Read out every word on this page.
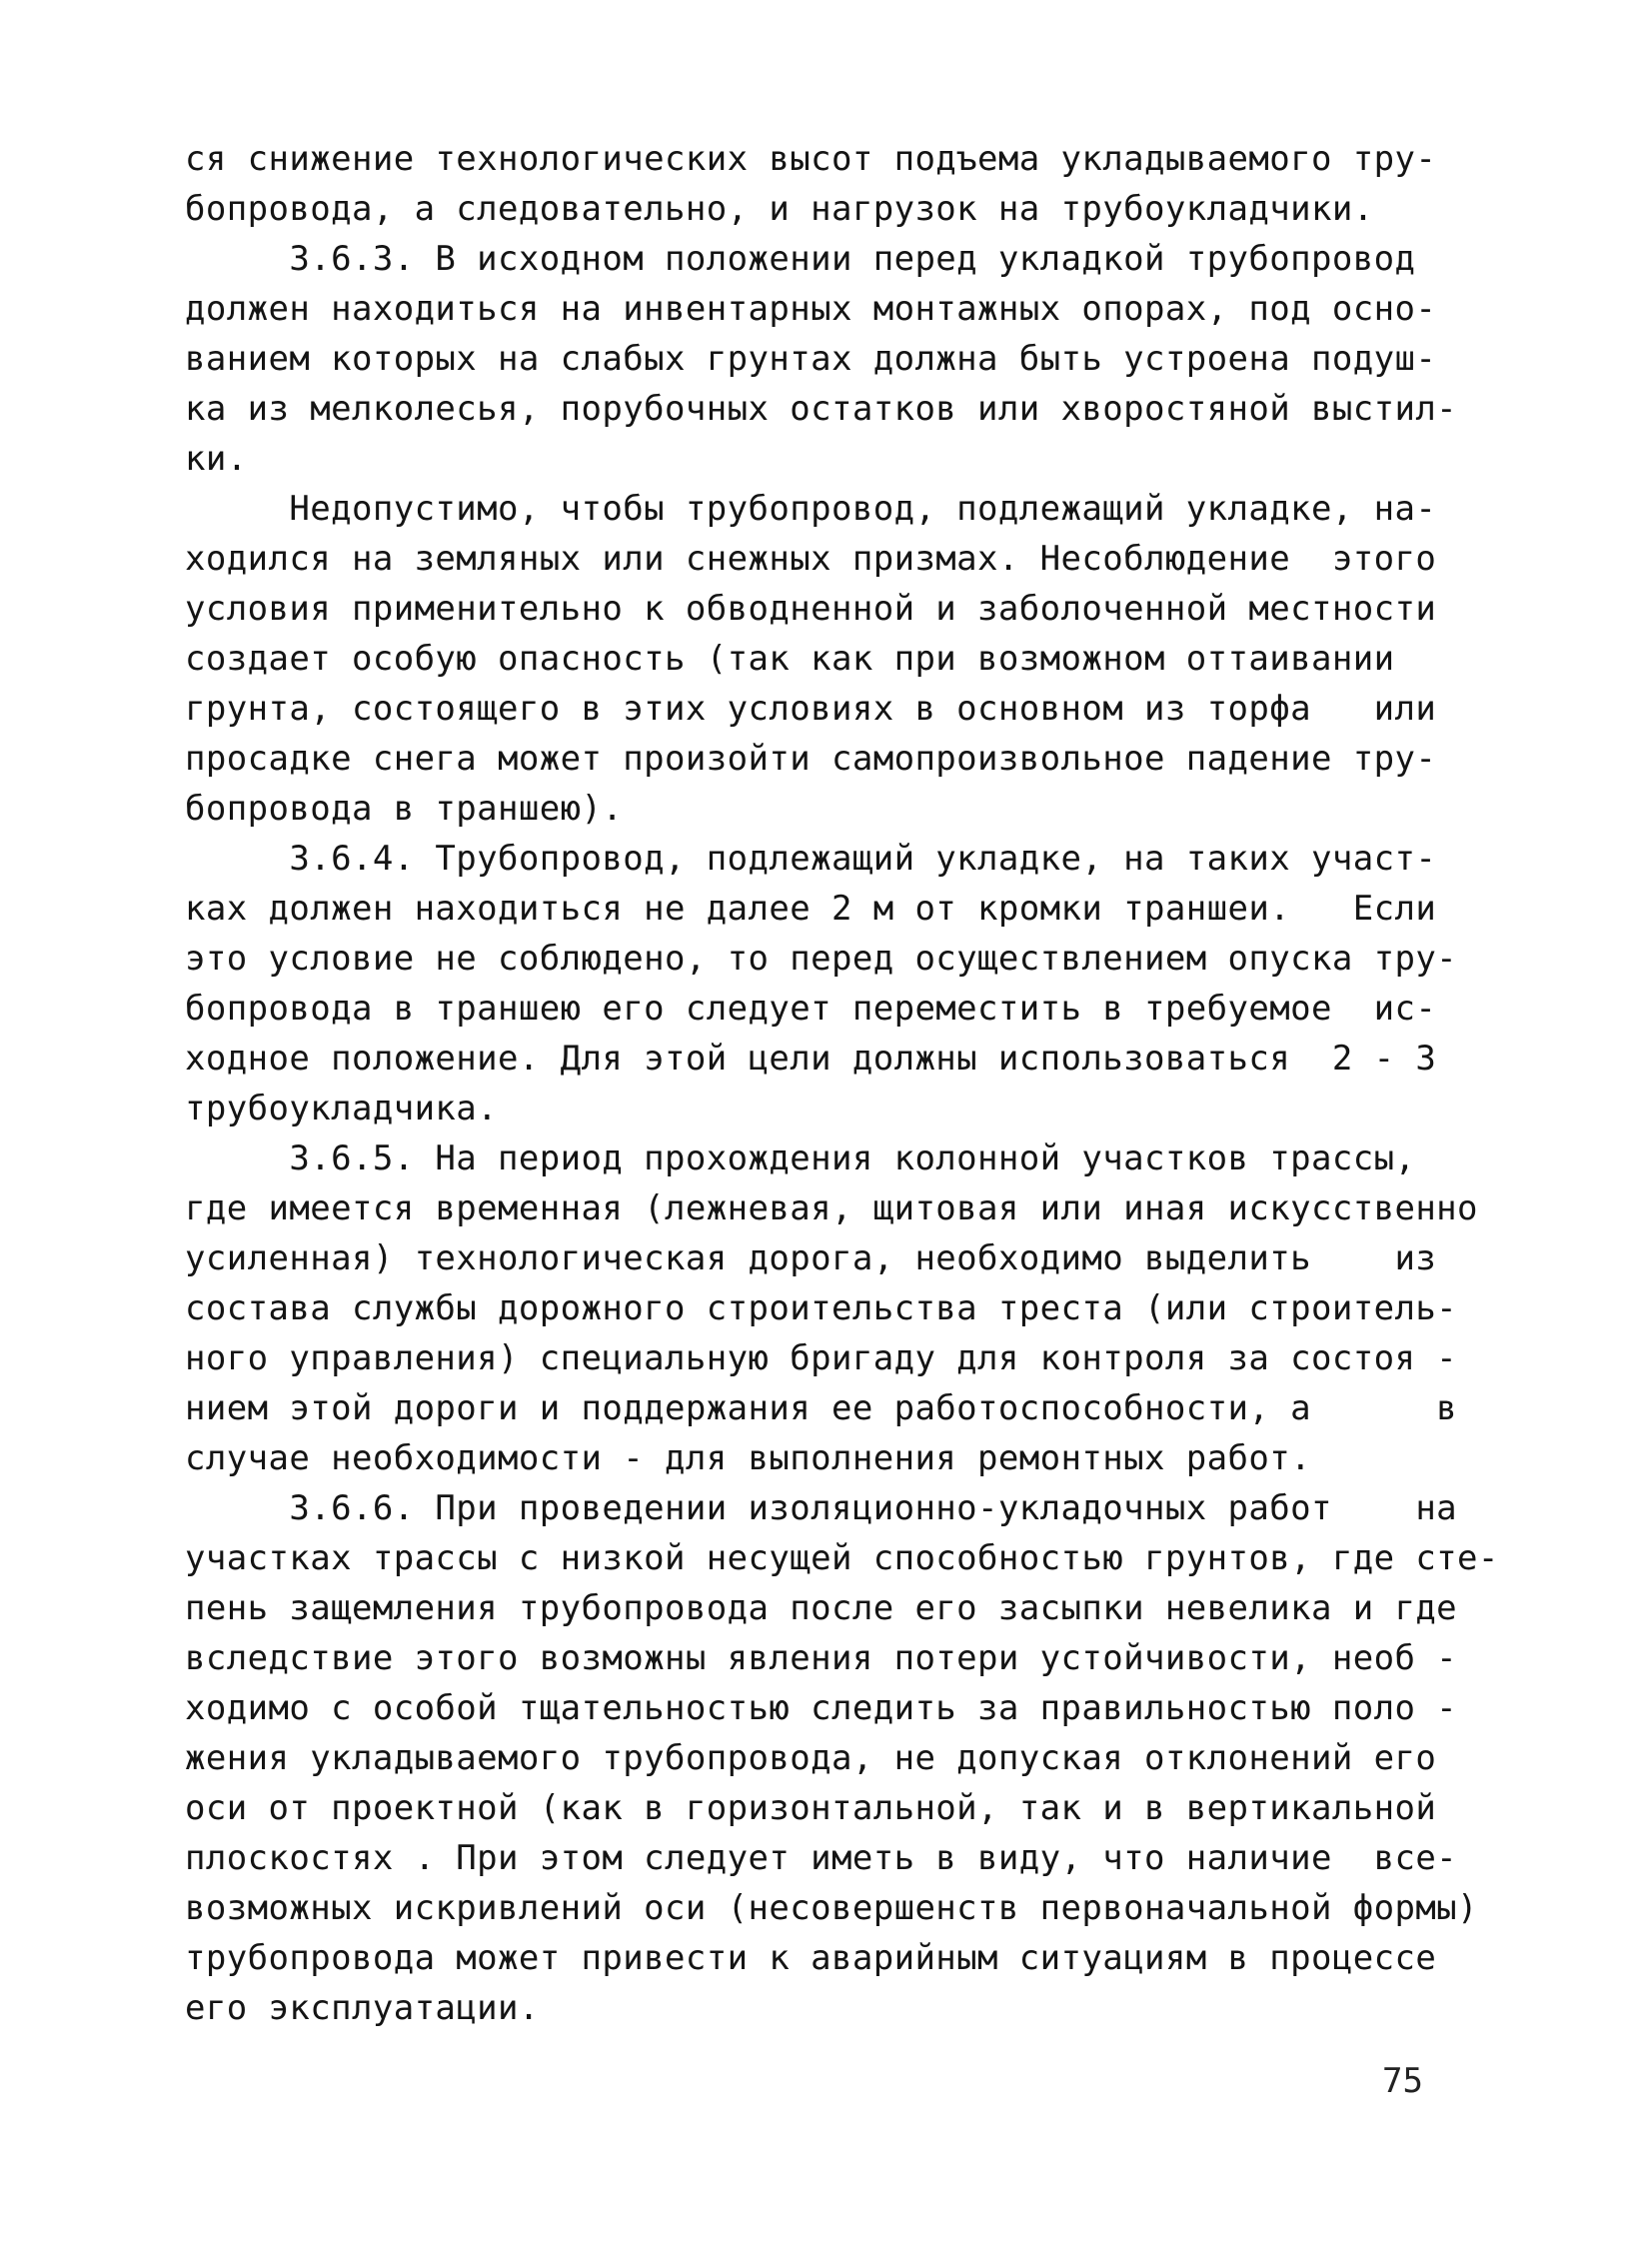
ся снижение технологических высот подъема укладываемого тру-
бопровода, а следовательно, и нагрузок на трубоукладчики.
3.6.3. В исходном положении перед укладкой трубопровод
должен находиться на инвентарных монтажных опорах, под осно-
ванием которых на слабых грунтах должна быть устроена подуш-
ка из мелколесья, порубочных остатков или хворостяной выстил-
ки.
Недопустимо, чтобы трубопровод, подлежащий укладке, на-
ходился на земляных или снежных призмах. Несоблюдение  этого
условия применительно к обводненной и заболоченной местности
создает особую опасность (так как при возможном оттаивании
грунта, состоящего в этих условиях в основном из торфа   или
просадке снега может произойти самопроизвольное падение тру-
бопровода в траншею).
3.6.4. Трубопровод, подлежащий укладке, на таких участ-
ках должен находиться не далее 2 м от кромки траншеи.   Если
это условие не соблюдено, то перед осуществлением опуска тру-
бопровода в траншею его следует переместить в требуемое  ис-
ходное положение. Для этой цели должны использоваться  2 - 3
трубоукладчика.
3.6.5. На период прохождения колонной участков трассы,
где имеется временная (лежневая, щитовая или иная искусственно
усиленная) технологическая дорога, необходимо выделить    из
состава службы дорожного строительства треста (или строитель-
ного управления) специальную бригаду для контроля за состоя -
нием этой дороги и поддержания ее работоспособности, а      в
случае необходимости - для выполнения ремонтных работ.
3.6.6. При проведении изоляционно-укладочных работ    на
участках трассы с низкой несущей способностью грунтов, где сте-
пень защемления трубопровода после его засыпки невелика и где
вследствие этого возможны явления потери устойчивости, необ -
ходимо с особой тщательностью следить за правильностью поло -
жения укладываемого трубопровода, не допуская отклонений его
оси от проектной (как в горизонтальной, так и в вертикальной
плоскостях . При этом следует иметь в виду, что наличие  все-
возможных искривлений оси (несовершенств первоначальной формы)
трубопровода может привести к аварийным ситуациям в процессе
его эксплуатации.
75
